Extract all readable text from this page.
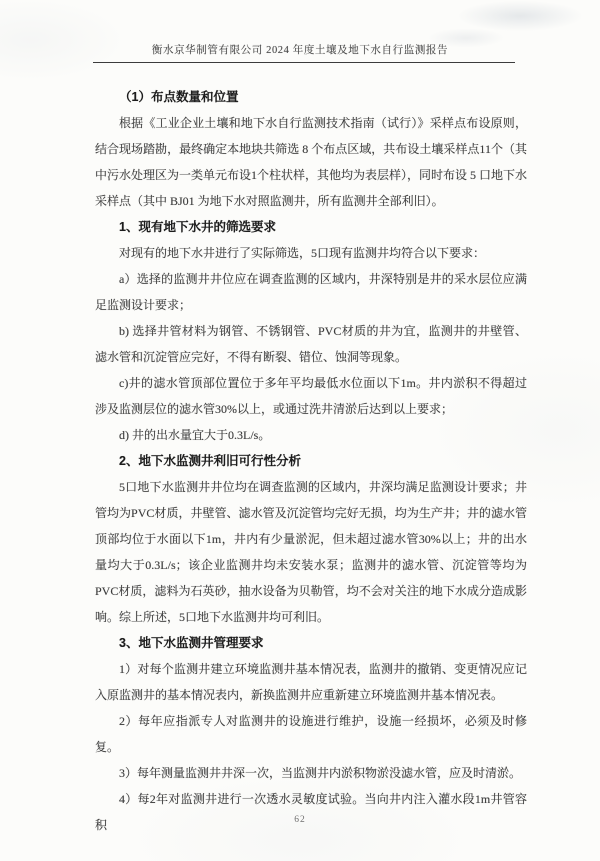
衡水京华制管有限公司 2024 年度土壤及地下水自行监测报告
（1）布点数量和位置
根据《工业企业土壤和地下水自行监测技术指南（试行）》采样点布设原则，结合现场踏勘，最终确定本地块共筛选 8 个布点区域，共布设土壤采样点11个（其中污水处理区为一类单元布设1个柱状样，其他均为表层样），同时布设 5 口地下水采样点（其中 BJ01 为地下水对照监测井，所有监测井全部利旧）。
1、现有地下水井的筛选要求
对现有的地下水井进行了实际筛选，5口现有监测井均符合以下要求：
a）选择的监测井井位应在调查监测的区域内，井深特别是井的采水层位应满足监测设计要求；
b) 选择井管材料为钢管、不锈钢管、PVC材质的井为宜，监测井的井壁管、滤水管和沉淀管应完好，不得有断裂、错位、蚀洞等现象。
c)井的滤水管顶部位置位于多年平均最低水位面以下1m。井内淤积不得超过涉及监测层位的滤水管30%以上，或通过洗井清淤后达到以上要求；
d) 井的出水量宜大于0.3L/s。
2、地下水监测井利旧可行性分析
5口地下水监测井井位均在调查监测的区域内，井深均满足监测设计要求；井管均为PVC材质，井壁管、滤水管及沉淀管均完好无损，均为生产井；井的滤水管顶部均位于水面以下1m，井内有少量淤泥，但未超过滤水管30%以上；井的出水量均大于0.3L/s；该企业监测井均未安装水泵；监测井的滤水管、沉淀管等均为PVC材质，滤料为石英砂，抽水设备为贝勒管，均不会对关注的地下水成分造成影响。综上所述，5口地下水监测井均可利旧。
3、地下水监测井管理要求
1）对每个监测井建立环境监测井基本情况表，监测井的撤销、变更情况应记入原监测井的基本情况表内，新换监测井应重新建立环境监测井基本情况表。
2）每年应指派专人对监测井的设施进行维护，设施一经损坏，必须及时修复。
3）每年测量监测井井深一次，当监测井内淤积物淤没滤水管，应及时清淤。
4）每2年对监测井进行一次透水灵敏度试验。当向井内注入灌水段1m井管容积	62
